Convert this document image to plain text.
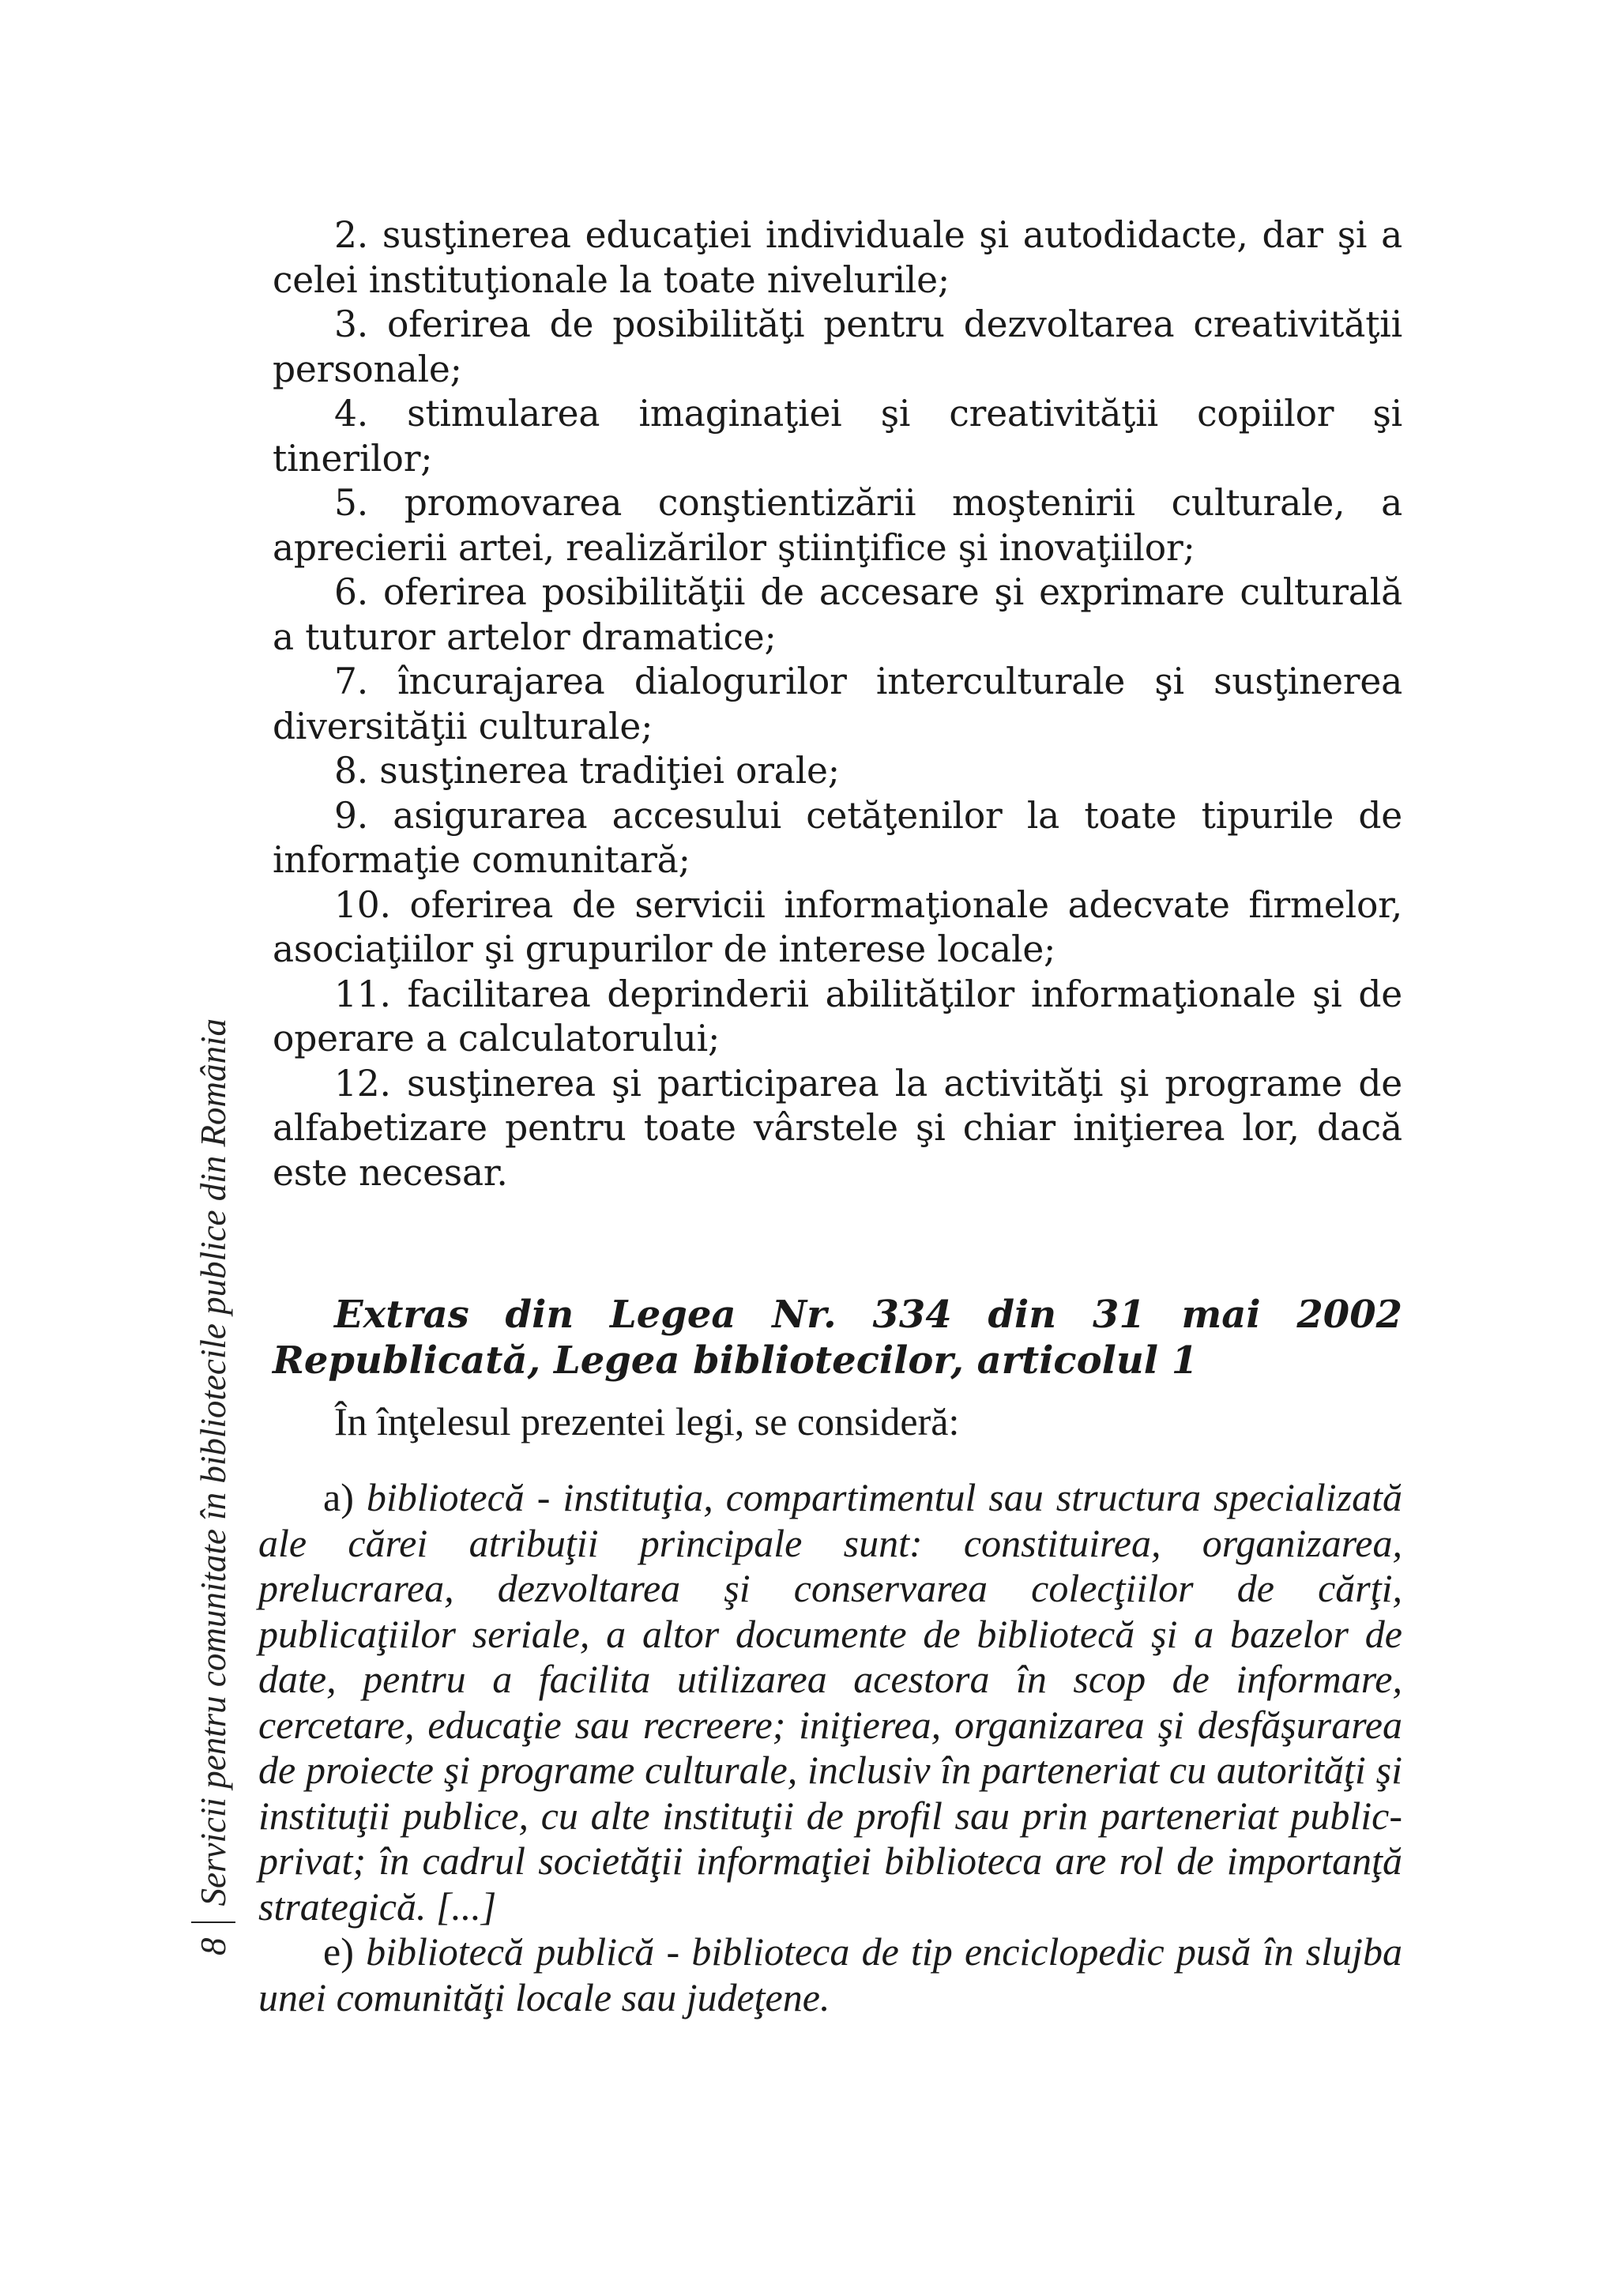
8
Servicii pentru comunitate în bibliotecile publice din România
2. susţinerea educaţiei individuale şi autodidacte, dar şi a celei instituţionale la toate nivelurile;
3. oferirea de posibilităţi pentru dezvoltarea creativităţii personale;
4. stimularea imaginaţiei şi creativităţii copiilor şi tinerilor;
5. promovarea conştientizării moştenirii culturale, a aprecierii artei, realizărilor ştiinţifice şi inovaţiilor;
6. oferirea posibilităţii de accesare şi exprimare culturală a tuturor artelor dramatice;
7. încurajarea dialogurilor interculturale şi susţinerea diversităţii culturale;
8. susţinerea tradiţiei orale;
9. asigurarea accesului cetăţenilor la toate tipurile de informaţie comunitară;
10. oferirea de servicii informaţionale adecvate firmelor, asociaţiilor şi grupurilor de interese locale;
11. facilitarea deprinderii abilităţilor informaţionale şi de operare a calculatorului;
12. susţinerea şi participarea la activităţi şi programe de alfabetizare pentru toate vârstele şi chiar iniţierea lor, dacă este necesar.
Extras din Legea Nr. 334 din 31 mai 2002
Republicată, Legea bibliotecilor, articolul 1

În înţelesul prezentei legi, se consideră:

a) bibliotecă - instituţia, compartimentul sau structura specializată ale cărei atribuţii principale sunt: constituirea, organizarea, prelucrarea, dezvoltarea şi conservarea colecţiilor de cărţi, publicaţiilor seriale, a altor documente de bibliotecă şi a bazelor de date, pentru a facilita utilizarea acestora în scop de informare, cercetare, educaţie sau recreere; iniţierea, organizarea şi desfăşurarea de proiecte şi programe culturale, inclusiv în parteneriat cu autorităţi şi instituţii publice, cu alte instituţii de profil sau prin parteneriat public-privat; în cadrul societăţii informaţiei biblioteca are rol de importanţă strategică. [...]

e) bibliotecă publică - biblioteca de tip enciclopedic pusă în slujba unei comunităţi locale sau judeţene.
